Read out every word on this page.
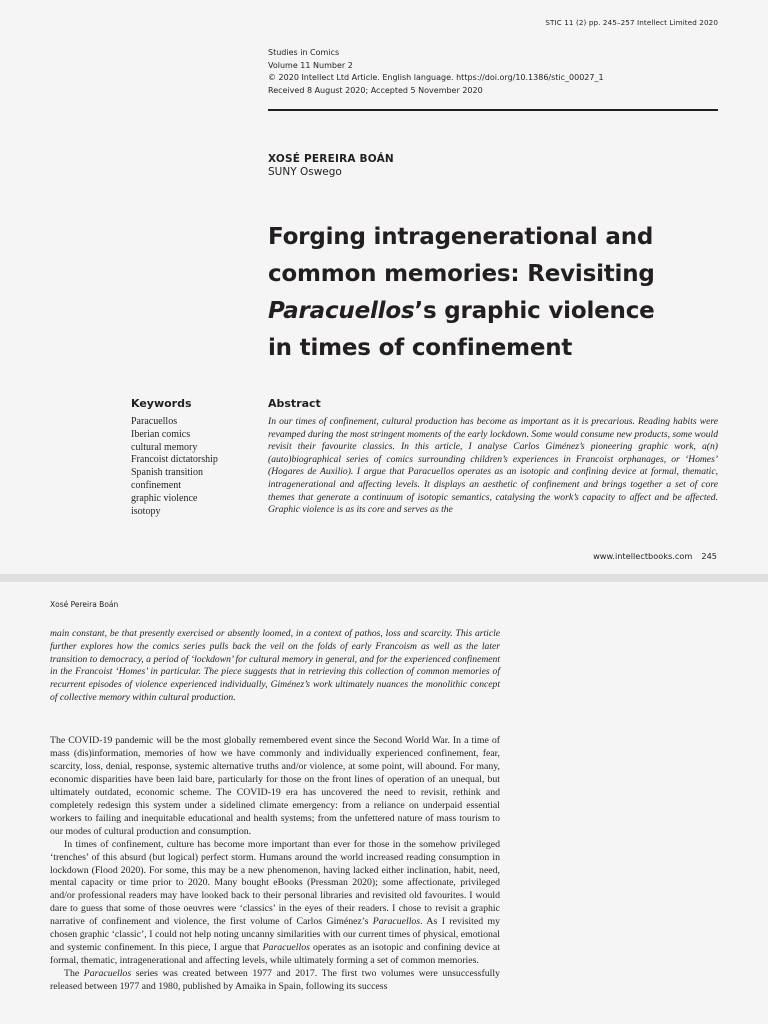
STIC 11 (2) pp. 245–257 Intellect Limited 2020
Studies in Comics
Volume 11 Number 2
© 2020 Intellect Ltd Article. English language. https://doi.org/10.1386/stic_00027_1
Received 8 August 2020; Accepted 5 November 2020
XOSÉ PEREIRA BOÁN
SUNY Oswego
Forging intragenerational and
common memories: Revisiting
Paracuellos’s graphic violence
in times of confinement
Keywords
Paracuellos
Iberian comics
cultural memory
Francoist dictatorship
Spanish transition
confinement
graphic violence
isotopy
Abstract

In our times of confinement, cultural production has become as important as it is precarious. Reading habits were revamped during the most stringent moments of the early lockdown. Some would consume new products, some would revisit their favourite classics. In this article, I analyse Carlos Giménez’s pioneering graphic work, a(n) (auto)biographical series of comics surrounding children’s experiences in Francoist orphanages, or ‘Homes’ (Hogares de Auxilio). I argue that Paracuellos operates as an isotopic and confining device at formal, thematic, intragenerational and affecting levels. It displays an aesthetic of confinement and brings together a set of core themes that generate a continuum of isotopic semantics, catalysing the work’s capacity to affect and be affected. Graphic violence is as its core and serves as the

www.intellectbooks.com 245
Xosé Pereira Boán

main constant, be that presently exercised or absently loomed, in a context of pathos, loss and scarcity. This article further explores how the comics series pulls back the veil on the folds of early Francoism as well as the later transition to democracy, a period of ‘lockdown’ for cultural memory in general, and for the experienced confinement in the Francoist ‘Homes’ in particular. The piece suggests that in retrieving this collection of common memories of recurrent episodes of violence experienced individually, Giménez’s work ultimately nuances the monolithic concept of collective memory within cultural production.

The COVID-19 pandemic will be the most globally remembered event since the Second World War. In a time of mass (dis)information, memories of how we have commonly and individually experienced confinement, fear, scarcity, loss, denial, response, systemic alternative truths and/or violence, at some point, will abound. For many, economic disparities have been laid bare, particularly for those on the front lines of operation of an unequal, but ultimately outdated, economic scheme. The COVID-19 era has uncovered the need to revisit, rethink and completely redesign this system under a sidelined climate emergency: from a reliance on underpaid essential workers to failing and inequitable educational and health systems; from the unfettered nature of mass tourism to our modes of cultural production and consumption.

In times of confinement, culture has become more important than ever for those in the somehow privileged ‘trenches’ of this absurd (but logical) perfect storm. Humans around the world increased reading consumption in lockdown (Flood 2020). For some, this may be a new phenomenon, having lacked either inclination, habit, need, mental capacity or time prior to 2020. Many bought eBooks (Pressman 2020); some affectionate, privileged and/or professional readers may have looked back to their personal libraries and revisited old favourites. I would dare to guess that some of those oeuvres were ‘classics’ in the eyes of their readers. I chose to revisit a graphic narrative of confinement and violence, the first volume of Carlos Giménez’s Paracuellos. As I revisited my chosen graphic ‘classic’, I could not help noting uncanny similarities with our current times of physical, emotional and systemic confinement. In this piece, I argue that Paracuellos operates as an isotopic and confining device at formal, thematic, intragenerational and affecting levels, while ultimately forming a set of common memories.

The Paracuellos series was created between 1977 and 2017. The first two volumes were unsuccessfully released between 1977 and 1980, published by Amaika in Spain, following its success
